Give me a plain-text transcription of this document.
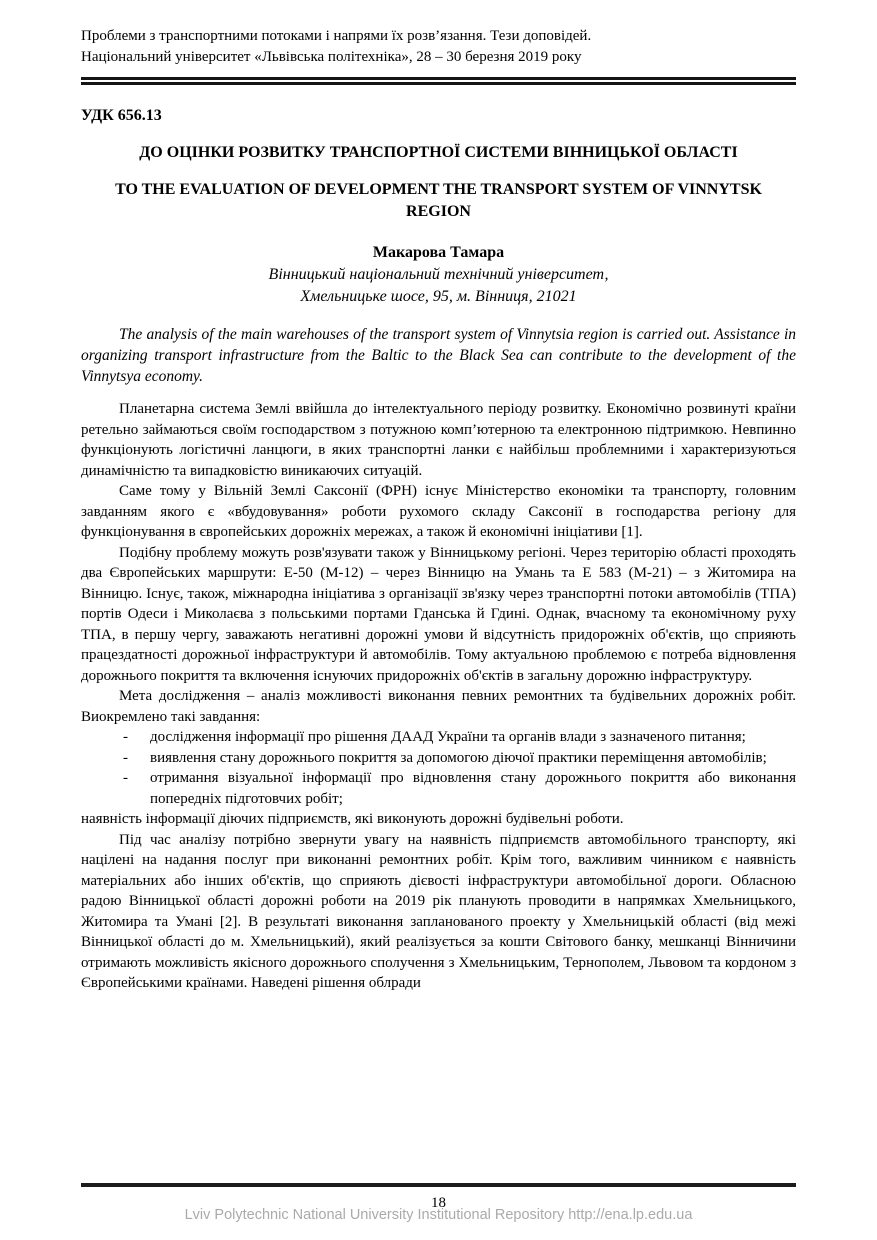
Проблеми з транспортними потоками і напрями їх розв’язання. Тези доповідей.
Національний університет «Львівська політехніка», 28 – 30 березня 2019 року

УДК 656.13

ДО ОЦІНКИ РОЗВИТКУ ТРАНСПОРТНОЇ СИСТЕМИ ВІННИЦЬКОЇ ОБЛАСТІ
TO THE EVALUATION OF DEVELOPMENT THE TRANSPORT SYSTEM OF VINNYTSK REGION

Макарова Тамара

Вінницький національний технічний університет,

Хмельницьке шосе, 95, м. Вінниця, 21021

The analysis of the main warehouses of the transport system of Vinnytsia region is carried out. Assistance in organizing transport infrastructure from the Baltic to the Black Sea can contribute to the development of the Vinnytsya economy.

Планетарна система Землі ввійшла до інтелектуального періоду розвитку. Економічно розвинуті країни ретельно займаються своїм господарством з потужною комп’ютерною та електронною підтримкою. Невпинно функціонують логістичні ланцюги, в яких транспортні ланки є найбільш проблемними і характеризуються динамічністю та випадковістю виникаючих ситуацій.

Саме тому у Вільній Землі Саксонії (ФРН) існує Міністерство економіки та транспорту, головним завданням якого є «вбудовування» роботи рухомого складу Саксонії в господарства регіону для функціонування в європейських дорожніх мережах, а також й економічні ініціативи [1].

Подібну проблему можуть розв'язувати також у Вінницькому регіоні. Через територію області проходять два Європейських маршрути: Е-50 (М-12) – через Вінницю на Умань та Е 583 (М-21) – з Житомира на Вінницю. Існує, також, міжнародна ініціатива з організації зв'язку через транспортні потоки автомобілів (ТПА) портів Одеси і Миколаєва з польськими портами Гданська й Гдині. Однак, вчасному та економічному руху ТПА, в першу чергу, заважають негативні дорожні умови й відсутність придорожніх об'єктів, що сприяють працездатності дорожньої інфраструктури й автомобілів. Тому актуальною проблемою є потреба відновлення дорожнього покриття та включення існуючих придорожніх об'єктів в загальну дорожню інфраструктуру.

Мета дослідження – аналіз можливості виконання певних ремонтних та будівельних дорожніх робіт. Виокремлено такі завдання:

-	дослідження інформації про рішення ДААД України та органів влади з зазначеного питання;
-	виявлення стану дорожнього покриття за допомогою діючої практики переміщення автомобілів;
-	отримання візуальної інформації про відновлення стану дорожнього покриття або виконання попередніх підготовчих робіт;

наявність інформації діючих підприємств, які виконують дорожні будівельні роботи.

Під час аналізу потрібно звернути увагу на наявність підприємств автомобільного транспорту, які націлені на надання послуг при виконанні ремонтних робіт. Крім того, важливим чинником є наявність матеріальних або інших об'єктів, що сприяють дієвості інфраструктури автомобільної дороги. Обласною радою Вінницької області дорожні роботи на 2019 рік планують проводити в напрямках Хмельницького, Житомира та Умані [2]. В результаті виконання запланованого проекту у Хмельницькій області (від межі Вінницької області до м. Хмельницький), який реалізується за кошти Світового банку, мешканці Вінничини отримають можливість якісного дорожнього сполучення з Хмельницьким, Тернополем, Львовом та кордоном з Європейськими країнами. Наведені рішення облради

18
Lviv Polytechnic National University Institutional Repository http://ena.lp.edu.ua
